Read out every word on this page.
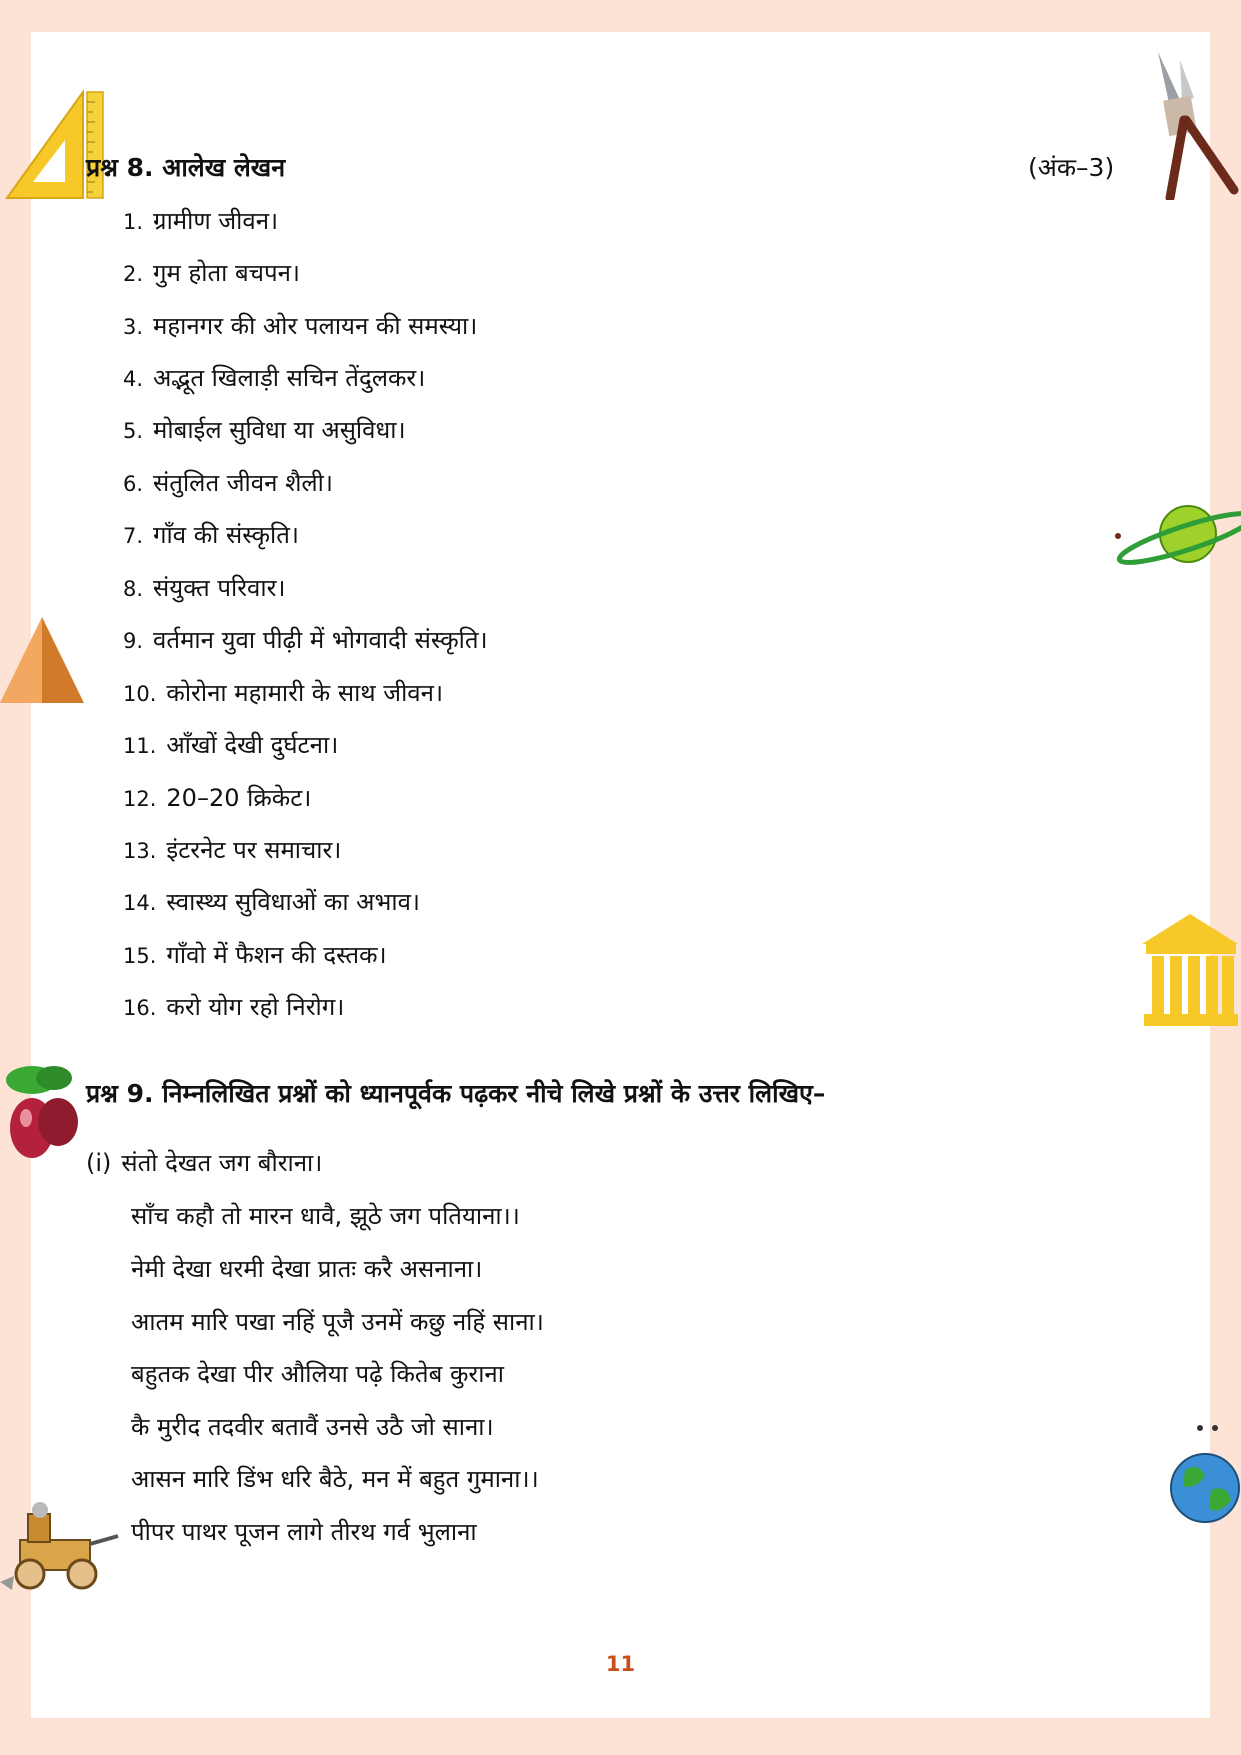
प्रश्न 8. आलेख लेखन	(अंक–3)
1. ग्रामीण जीवन।
2. गुम होता बचपन।
3. महानगर की ओर पलायन की समस्या।
4. अद्भूत खिलाड़ी सचिन तेंदुलकर।
5. मोबाईल सुविधा या असुविधा।
6. संतुलित जीवन शैली।
7. गाँव की संस्कृति।
8. संयुक्त परिवार।
9. वर्तमान युवा पीढ़ी में भोगवादी संस्कृति।
10. कोरोना महामारी के साथ जीवन।
11. आँखों देखी दुर्घटना।
12. 20–20 क्रिकेट।
13. इंटरनेट पर समाचार।
14. स्वास्थ्य सुविधाओं का अभाव।
15. गाँवो में फैशन की दस्तक।
16. करो योग रहो निरोग।
प्रश्न 9. निम्नलिखित प्रश्नों को ध्यानपूर्वक पढ़कर नीचे लिखे प्रश्नों के उत्तर लिखिए–
(i) संतो देखत जग बौराना।
साँच कहौ तो मारन धावै, झूठे जग पतियाना।।
नेमी देखा धरमी देखा प्रातः करै असनाना।
आतम मारि पखा नहिं पूजै उनमें कछु नहिं साना।
बहुतक देखा पीर औलिया पढ़े कितेब कुराना
कै मुरीद तदवीर बतावैं उनसे उठै जो साना।
आसन मारि डिंभ धरि बैठे, मन में बहुत गुमाना।।
पीपर पाथर पूजन लागे तीरथ गर्व भुलाना
11
